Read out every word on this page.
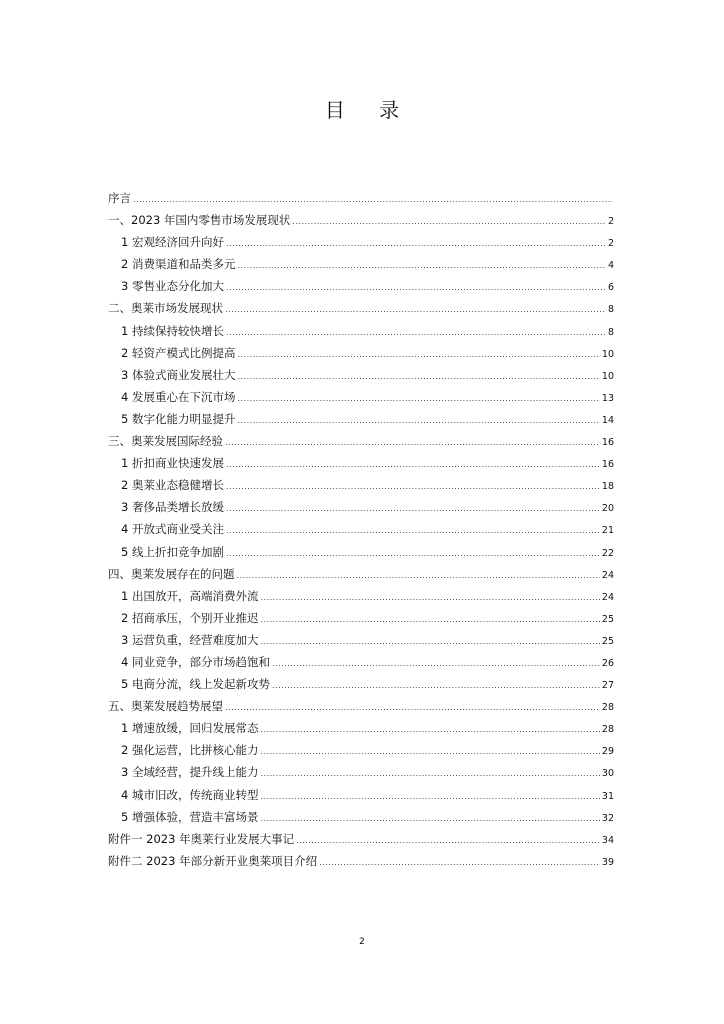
目 录
序言
.....
一、2023 年国内零售市场发展现状 .....	2
1 宏观经济回升向好 .....	2
2 消费渠道和品类多元 .....	4
3 零售业态分化加大 .....	6
二、奥莱市场发展现状 .....	8
1 持续保持较快增长 .....	8
2 轻资产模式比例提高 .....	10
3 体验式商业发展壮大 .....	10
4 发展重心在下沉市场 .....	13
5 数字化能力明显提升 .....	14
三、奥莱发展国际经验 .....	16
1 折扣商业快速发展 .....	16
2 奥莱业态稳健增长 .....	18
3 奢侈品类增长放缓 .....	20
4 开放式商业受关注 .....	21
5 线上折扣竞争加剧 .....	22
四、奥莱发展存在的问题 .....	24
1 出国放开，高端消费外流 .....	24
2 招商承压，个别开业推迟 .....	25
3 运营负重，经营难度加大 .....	25
4 同业竞争，部分市场趋饱和 .....	26
5 电商分流，线上发起新攻势 .....	27
五、奥莱发展趋势展望 .....	28
1 增速放缓，回归发展常态 .....	28
2 强化运营，比拼核心能力 .....	29
3 全域经营，提升线上能力 .....	30
4 城市旧改，传统商业转型 .....	31
5 增强体验，营造丰富场景 .....	32
附件一 2023 年奥莱行业发展大事记 .....	34
附件二 2023 年部分新开业奥莱项目介绍 .....	39
2
